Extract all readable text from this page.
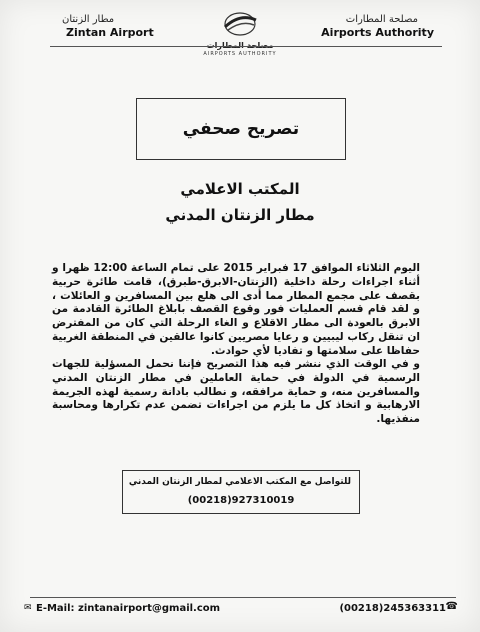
مصلحة المطارات
Airports Authority
AIRPORTS AUTHORITY
مطار الزنتان
Zintan Airport
تصريح صحفي
المكتب الاعلامي
مطار الزنتان المدني
اليوم الثلاثاء الموافق 17 فبراير 2015 على تمام الساعة 12:00 ظهرا و أثناء اجراءات رحلة داخلية (الزنتان-الابرق-طبرق)، قامت طائرة حربية بقصف على مجمع المطار مما أدى الى هلع بين المسافرين و العائلات ، و لقد قام قسم العمليات فور وقوع القصف بابلاغ الطائرة القادمة من الابرق بالعودة الى مطار الاقلاع و الغاء الرحلة التي كان من المفترض ان تنقل ركاب ليبيين و رعايا مصريين كانوا عالقين في المنطقة الغربية حفاظا على سلامتها و تفاديا لأي حوادث.
و في الوقت الذي ننشر فيه هذا التصريح فإننا نحمل المسؤلية للجهات الرسمية في الدولة في حماية العاملين في مطار الزنتان المدني والمسافرين منه، و حماية مرافقه، و نطالب بادانة رسمية لهذه الجريمة الارهابية و اتخاذ كل ما يلزم من اجراءات تضمن عدم تكرارها ومحاسبة منفذيها.
للتواصل مع المكتب الاعلامي لمطار الزنتان المدني
(00218)927310019
✉ E-Mail: zintanairport@gmail.com	(00218)245363311 ☎
